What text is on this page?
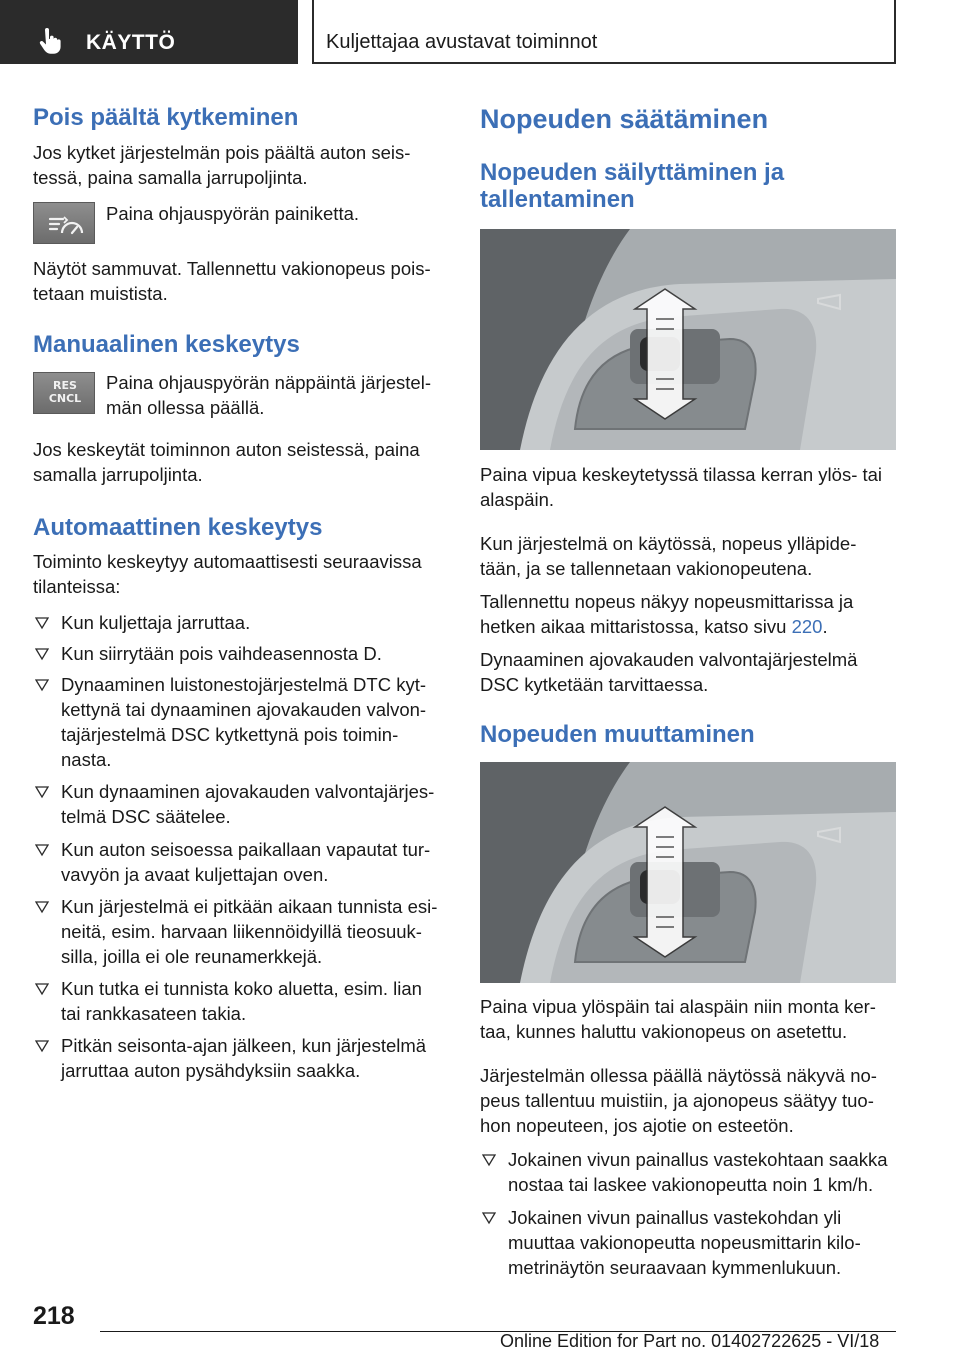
KÄYTTÖ	Kuljettajaa avustavat toiminnot
Pois päältä kytkeminen

Jos kytket järjestelmän pois päältä auton seis-
tessä, paina samalla jarrupoljinta.

Paina ohjauspyörän painiketta.

Näytöt sammuvat. Tallennettu vakionopeus pois-
tetaan muistista.

Manuaalinen keskeytys
RES
CNCL
Paina ohjauspyörän näppäintä järjestel-
män ollessa päällä.

Jos keskeytät toiminnon auton seistessä, paina
samalla jarrupoljinta.

Automaattinen keskeytys

Toiminto keskeytyy automaattisesti seuraavissa
tilanteissa:

Kun kuljettaja jarruttaa.
Kun siirrytään pois vaihdeasennosta D.
Dynaaminen luistonestojärjestelmä DTC kyt-
kettynä tai dynaaminen ajovakauden valvon-
tajärjestelmä DSC kytkettynä pois toimin-
nasta.
Kun dynaaminen ajovakauden valvontajärjes-
telmä DSC säätelee.
Kun auton seisoessa paikallaan vapautat tur-
vavyön ja avaat kuljettajan oven.
Kun järjestelmä ei pitkään aikaan tunnista esi-
neitä, esim. harvaan liikennöidyillä tieosuuk-
silla, joilla ei ole reunamerkkejä.
Kun tutka ei tunnista koko aluetta, esim. lian
tai rankkasateen takia.
Pitkän seisonta-ajan jälkeen, kun järjestelmä
jarruttaa auton pysähdyksiin saakka.
Nopeuden säätäminen
Nopeuden säilyttäminen ja
tallentaminen

Paina vipua keskeytetyssä tilassa kerran ylös- tai
alaspäin.

Kun järjestelmä on käytössä, nopeus ylläpide-
tään, ja se tallennetaan vakionopeutena.

Tallennettu nopeus näkyy nopeusmittarissa ja
hetken aikaa mittaristossa, katso sivu 220.

Dynaaminen ajovakauden valvontajärjestelmä
DSC kytketään tarvittaessa.

Nopeuden muuttaminen

Paina vipua ylöspäin tai alaspäin niin monta ker-
taa, kunnes haluttu vakionopeus on asetettu.

Järjestelmän ollessa päällä näytössä näkyvä no-
peus tallentuu muistiin, ja ajonopeus säätyy tuo-
hon nopeuteen, jos ajotie on esteetön.

Jokainen vivun painallus vastekohtaan saakka
nostaa tai laskee vakionopeutta noin 1 km/h.
Jokainen vivun painallus vastekohdan yli
muuttaa vakionopeutta nopeusmittarin kilo-
metrinäytön seuraavaan kymmenlukuun.
218
Online Edition for Part no. 01402722625 - VI/18
